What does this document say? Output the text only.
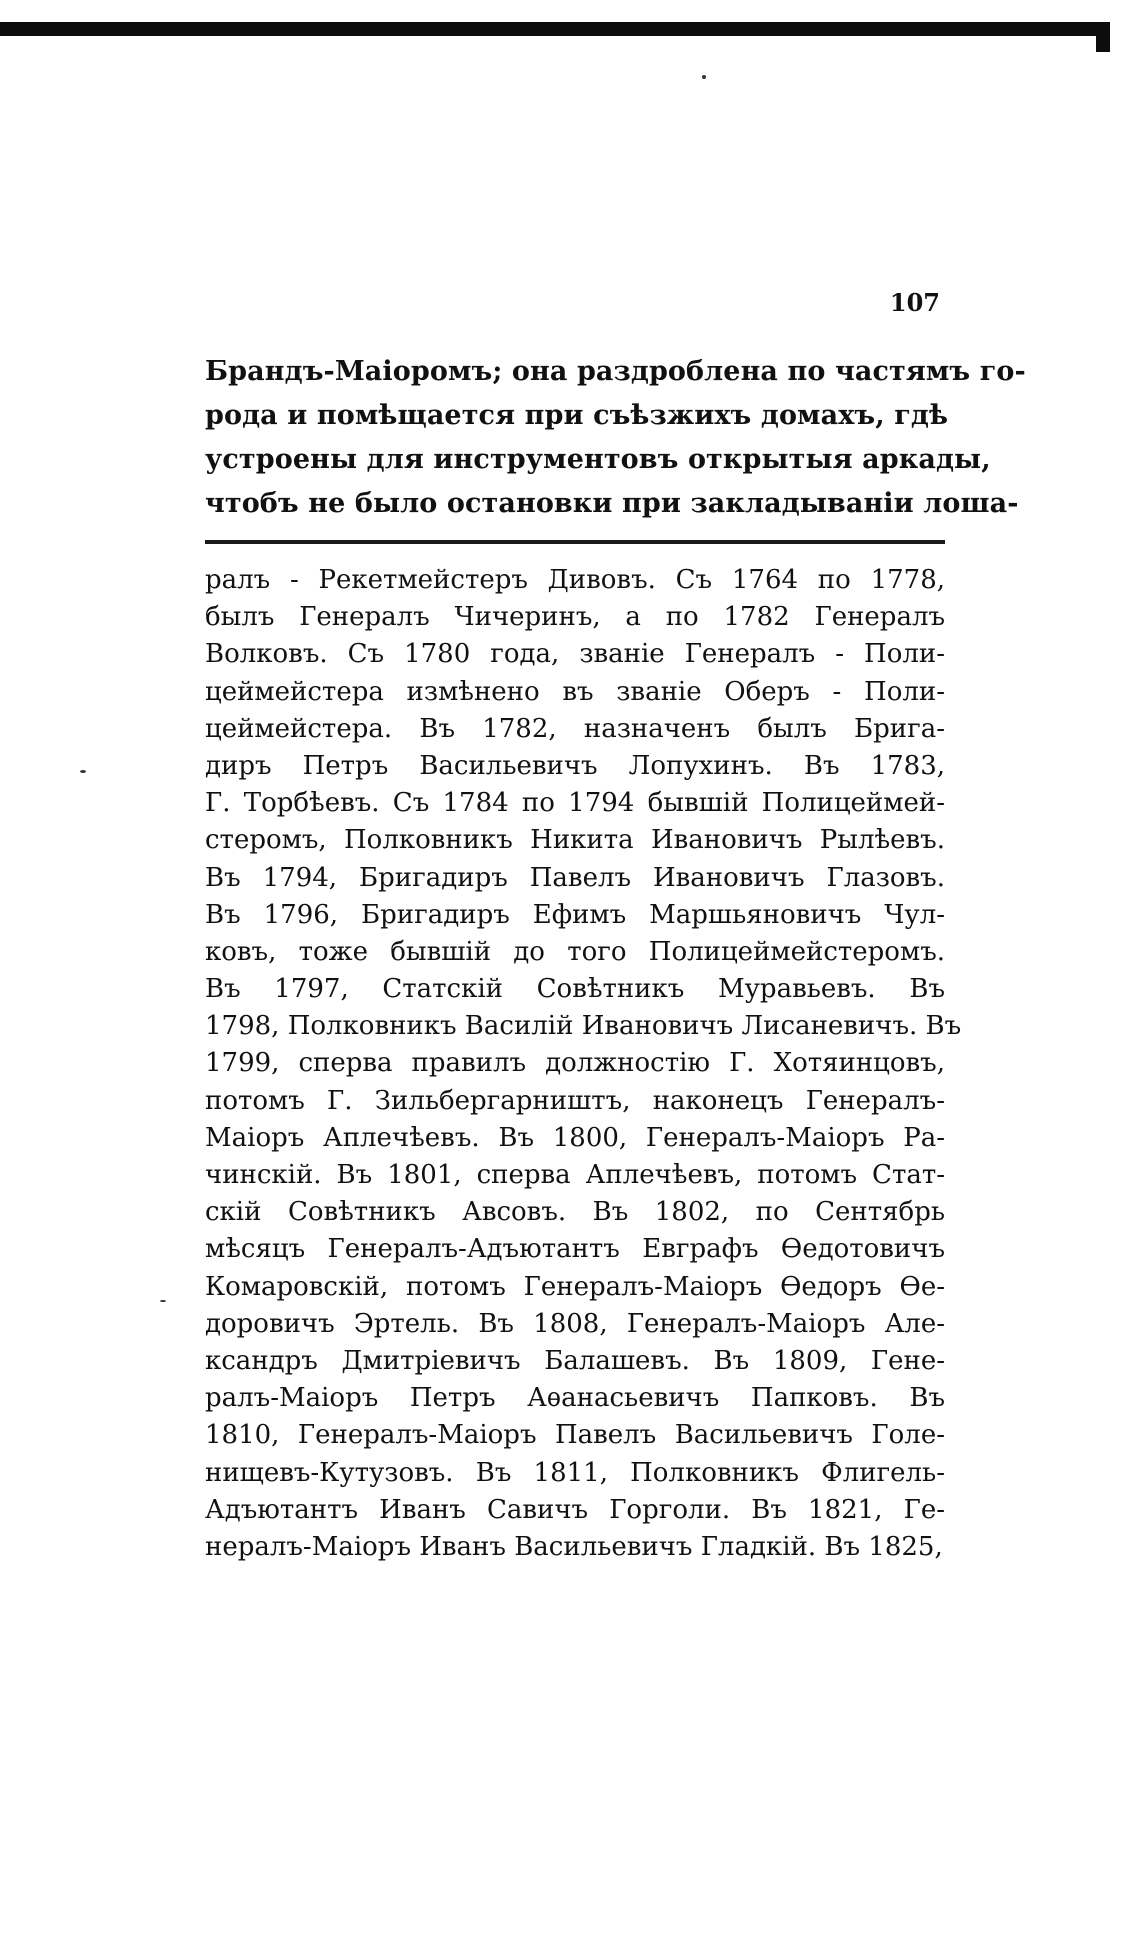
107
Брандъ-Маіоромъ; она раздроблена по частямъ го-
рода и помѣщается при съѣзжихъ домахъ, гдѣ
устроены для инструментовъ открытыя аркады,
чтобъ не было остановки при закладываніи лоша-
ралъ - Рекетмейстеръ Дивовъ. Съ 1764 по 1778,
былъ Генералъ Чичеринъ, а по 1782 Генералъ
Волковъ. Съ 1780 года, званіе Генералъ - Поли-
цеймейстера измѣнено въ званіе Оберъ - Поли-
цеймейстера. Въ 1782, назначенъ былъ Брига-
диръ Петръ Васильевичъ Лопухинъ. Въ 1783,
Г. Торбѣевъ. Съ 1784 по 1794 бывшій Полицеймей-
стеромъ, Полковникъ Никита Ивановичъ Рылѣевъ.
Въ 1794, Бригадиръ Павелъ Ивановичъ Глазовъ.
Въ 1796, Бригадиръ Ефимъ Маршьяновичъ Чул-
ковъ, тоже бывшій до того Полицеймейстеромъ.
Въ 1797, Статскій Совѣтникъ Муравьевъ. Въ
1798, Полковникъ Василій Ивановичъ Лисаневичъ. Въ
1799, сперва правилъ должностію Г. Хотяинцовъ,
потомъ Г. Зильбергарништъ, наконецъ Генералъ-
Маіоръ Аплечѣевъ. Въ 1800, Генералъ-Маіоръ Ра-
чинскій. Въ 1801, сперва Аплечѣевъ, потомъ Стат-
скій Совѣтникъ Авсовъ. Въ 1802, по Сентябрь
мѣсяцъ Генералъ-Адъютантъ Евграфъ Ѳедотовичъ
Комаровскій, потомъ Генералъ-Маіоръ Ѳедоръ Ѳе-
доровичъ Эртель. Въ 1808, Генералъ-Маіоръ Але-
ксандръ Дмитріевичъ Балашевъ. Въ 1809, Гене-
ралъ-Маіоръ Петръ Аѳанасьевичъ Папковъ. Въ
1810, Генералъ-Маіоръ Павелъ Васильевичъ Голе-
нищевъ-Кутузовъ. Въ 1811, Полковникъ Флигель-
Адъютантъ Иванъ Савичъ Горголи. Въ 1821, Ге-
нералъ-Маіоръ Иванъ Васильевичъ Гладкій. Въ 1825,
